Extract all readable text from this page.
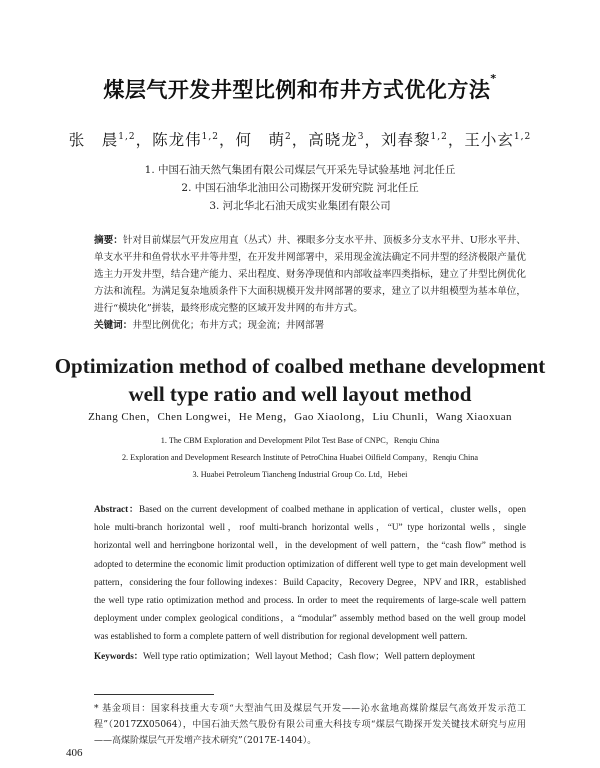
煤层气开发井型比例和布井方式优化方法*
张　晨$^{1,2}$，陈龙伟$^{1,2}$，何　萌$^2$，高晓龙$^3$，刘春黎$^{1,2}$，王小玄$^{1,2}$
1. 中国石油天然气集团有限公司煤层气开采先导试验基地 河北任丘
2. 中国石油华北油田公司勘探开发研究院 河北任丘
3. 河北华北石油天成实业集团有限公司
摘要：针对目前煤层气开发应用直（丛式）井、裸眼多分支水平井、顶板多分支水平井、U形水平井、单支水平井和鱼骨状水平井等井型，在开发井网部署中，采用现金流法确定不同井型的经济极限产量优选主力开发井型，结合建产能力、采出程度、财务净现值和内部收益率四类指标，建立了井型比例优化方法和流程。为满足复杂地质条件下大面积规模开发井网部署的要求，建立了以井组模型为基本单位，进行“模块化”拼装，最终形成完整的区域开发井网的布井方式。
关键词：井型比例优化；布井方式；现金流；井网部署
Optimization method of coalbed methane development
well type ratio and well layout method
Zhang Chen，Chen Longwei，He Meng，Gao Xiaolong，Liu Chunli，Wang Xiaoxuan
1. The CBM Exploration and Development Pilot Test Base of CNPC，Renqiu China
2. Exploration and Development Research Institute of PetroChina Huabei Oilfield Company，Renqiu China
3. Huabei Petroleum Tiancheng Industrial Group Co. Ltd，Hebei
Abstract：Based on the current development of coalbed methane in application of vertical，cluster wells，open hole multi-branch horizontal well，roof multi-branch horizontal wells，“U” type horizontal wells，single horizontal well and herringbone horizontal well，in the development of well pattern，the “cash flow” method is adopted to determine the economic limit production optimization of different well type to get main development well pattern，considering the four following indexes：Build Capacity，Recovery Degree，NPV and IRR，established the well type ratio optimization method and process. In order to meet the requirements of large-scale well pattern deployment under complex geological conditions，a “modular” assembly method based on the well group model was established to form a complete pattern of well distribution for regional development well pattern.
Keywords：Well type ratio optimization；Well layout Method；Cash flow；Well pattern deployment
* 基金项目：国家科技重大专项“大型油气田及煤层气开发——沁水盆地高煤阶煤层气高效开发示范工程”（2017ZX05064），中国石油天然气股份有限公司重大科技专项“煤层气勘探开发关键技术研究与应用——高煤阶煤层气开发增产技术研究”（2017E-1404）。
406
